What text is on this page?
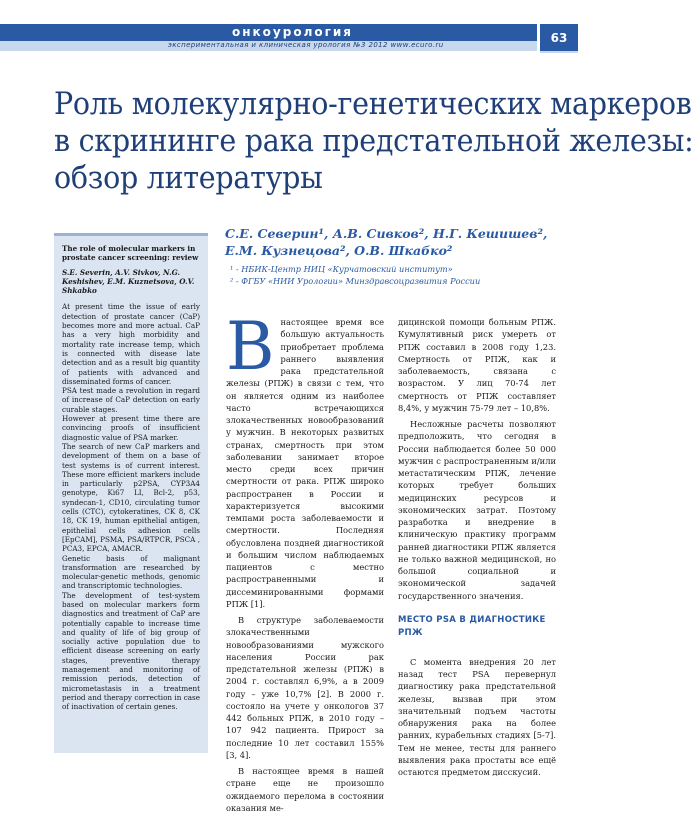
онкоурология
экспериментальная и клиническая урология №3 2012 www.ecuro.ru
63
Роль молекулярно-генетических маркеров
в скрининге рака предстательной железы:
обзор литературы
The role of molecular markers in prostate cancer screening: review
S.E. Severin, A.V. Sivkov, N.G. Keshishev, E.M. Kuznetsova, O.V. Shkabko

At present time the issue of early detection of prostate cancer (CaP) becomes more and more actual. CaP has a very high morbidity and mortality rate increase temp, which is connected with disease late detection and as a result big quantity of patients with advanced and disseminated forms of cancer.

PSA test made a revolution in regard of increase of CaP detection on early curable stages.

However at present time there are convincing proofs of insufficient diagnostic value of PSA marker.

The search of new CaP markers and development of them on a base of test systems is of current interest. These more efficient markers include in particularly p2PSA, CYP3A4 genotype, Ki67 LI, Bcl-2, p53, syndecan-1, CD10, circulating tumor cells (CTC), cytokeratines, CK 8, CK 18, CK 19, human epithelial antigen, epithelial cells adhesion cells [EpCAM], PSMA, PSA/RTPCR, PSCA , PCA3, EPCA, AMACR.

Genetic basis of malignant transformation are researched by molecular-genetic methods, genomic and transcriptomic technologies.

The development of test-system based on molecular markers form diagnostics and treatment of CaP are potentially capable to increase time and quality of life of big group of socially active population due to efficient disease screening on early stages, preventive therapy management and monitoring of remission periods, detection of micrometastasis in a treatment period and therapy correction in case of inactivation of certain genes.

С.Е. Северин¹, А.В. Сивков², Н.Г. Кешишев²,
Е.М. Кузнецова², О.В. Шкабко²
¹ - НБИК-Центр НИЦ «Курчатовский институт»
² - ФГБУ «НИИ Урологии» Минздравсоцразвития России
В настоящее время все большую актуальность приобретает проблема раннего выявления рака предстательной железы (РПЖ) в связи с тем, что он является одним из наиболее часто встречающихся злокачественных новообразований у мужчин. В некоторых развитых странах, смертность при этом заболевании занимает второе место среди всех причин смертности от рака. РПЖ широко распространен в России и характеризуется высокими темпами роста заболеваемости и смертности. Последняя обусловлена поздней диагностикой и большим числом наблюдаемых пациентов с местно распространенными и диссеминированными формами РПЖ [1].

В структуре заболеваемости злокачественными новообразованиями мужского населения России рак предстательной железы (РПЖ) в 2004 г. составлял 6,9%, а в 2009 году – уже 10,7% [2]. В 2000 г. состояло на учете у онкологов 37 442 больных РПЖ, в 2010 году – 107 942 пациента. Прирост за последние 10 лет составил 155% [3, 4].

В настоящее время в нашей стране еще не произошло ожидаемого перелома в состоянии оказания ме-

дицинской помощи больным РПЖ. Кумулятивный риск умереть от РПЖ составил в 2008 году 1,23. Смертность от РПЖ, как и заболеваемость, связана с возрастом. У лиц 70-74 лет смертность от РПЖ составляет 8,4%, у мужчин 75-79 лет – 10,8%.

Несложные расчеты позволяют предположить, что сегодня в России наблюдается более 50 000 мужчин с распространенным и/или метастатическим РПЖ, лечение которых требует больших медицинских ресурсов и экономических затрат. Поэтому разработка и внедрение в клиническую практику программ ранней диагностики РПЖ является не только важной медицинской, но большой социальной и экономической задачей государственного значения.

МЕСТО PSA В ДИАГНОСТИКЕ РПЖ

С момента внедрения 20 лет назад тест PSA перевернул диагностику рака предстательной железы, вызвав при этом значительный подъем частоты обнаружения рака на более ранних, курабельных стадиях [5-7]. Тем не менее, тесты для раннего выявления рака простаты все ещё остаются предметом дисскусий.
